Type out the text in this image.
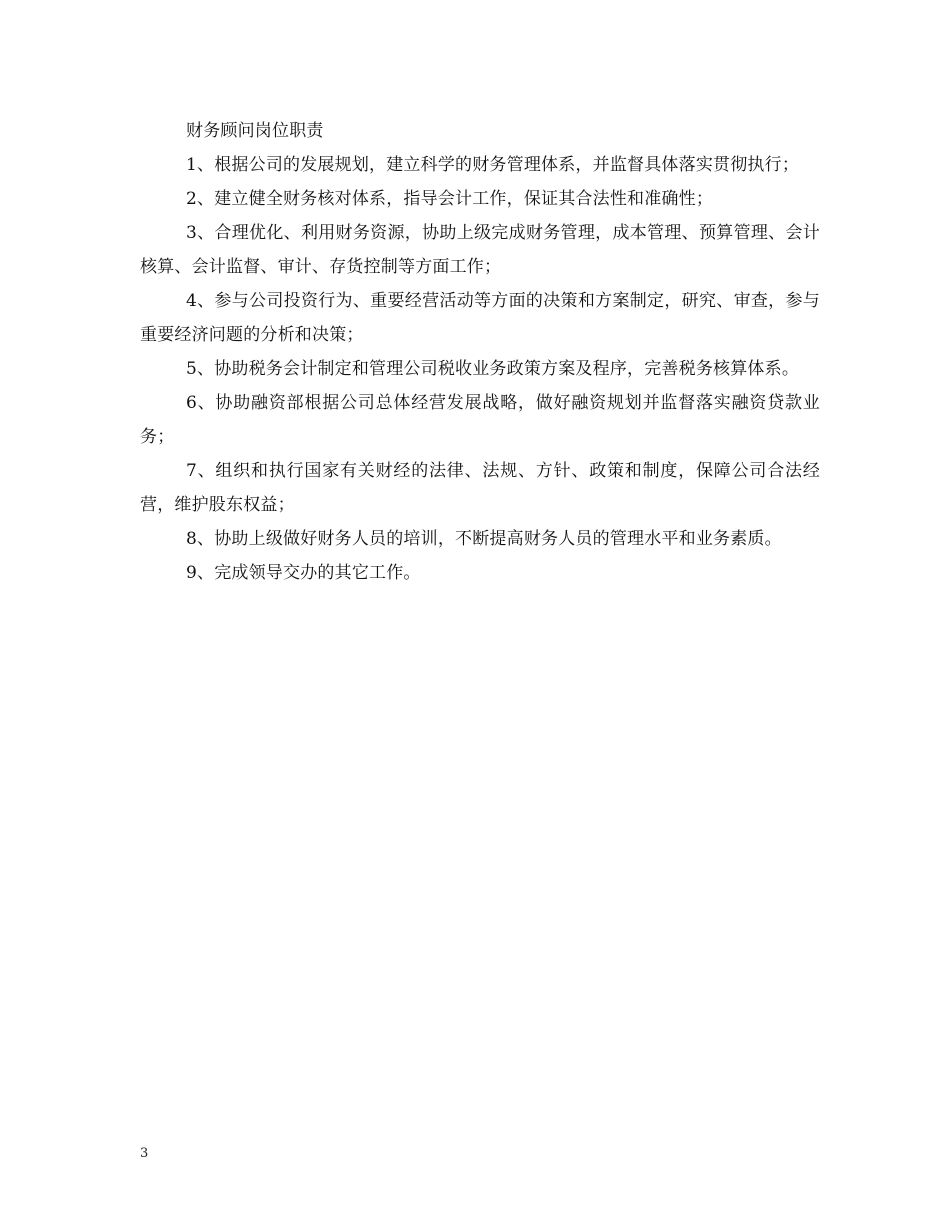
财务顾问岗位职责

1、根据公司的发展规划，建立科学的财务管理体系，并监督具体落实贯彻执行；

2、建立健全财务核对体系，指导会计工作，保证其合法性和准确性；

3、合理优化、利用财务资源，协助上级完成财务管理，成本管理、预算管理、会计核算、会计监督、审计、存货控制等方面工作；

4、参与公司投资行为、重要经营活动等方面的决策和方案制定，研究、审查，参与重要经济问题的分析和决策；

5、协助税务会计制定和管理公司税收业务政策方案及程序，完善税务核算体系。

6、协助融资部根据公司总体经营发展战略，做好融资规划并监督落实融资贷款业务；

7、组织和执行国家有关财经的法律、法规、方针、政策和制度，保障公司合法经营，维护股东权益；

8、协助上级做好财务人员的培训，不断提高财务人员的管理水平和业务素质。

9、完成领导交办的其它工作。

3
